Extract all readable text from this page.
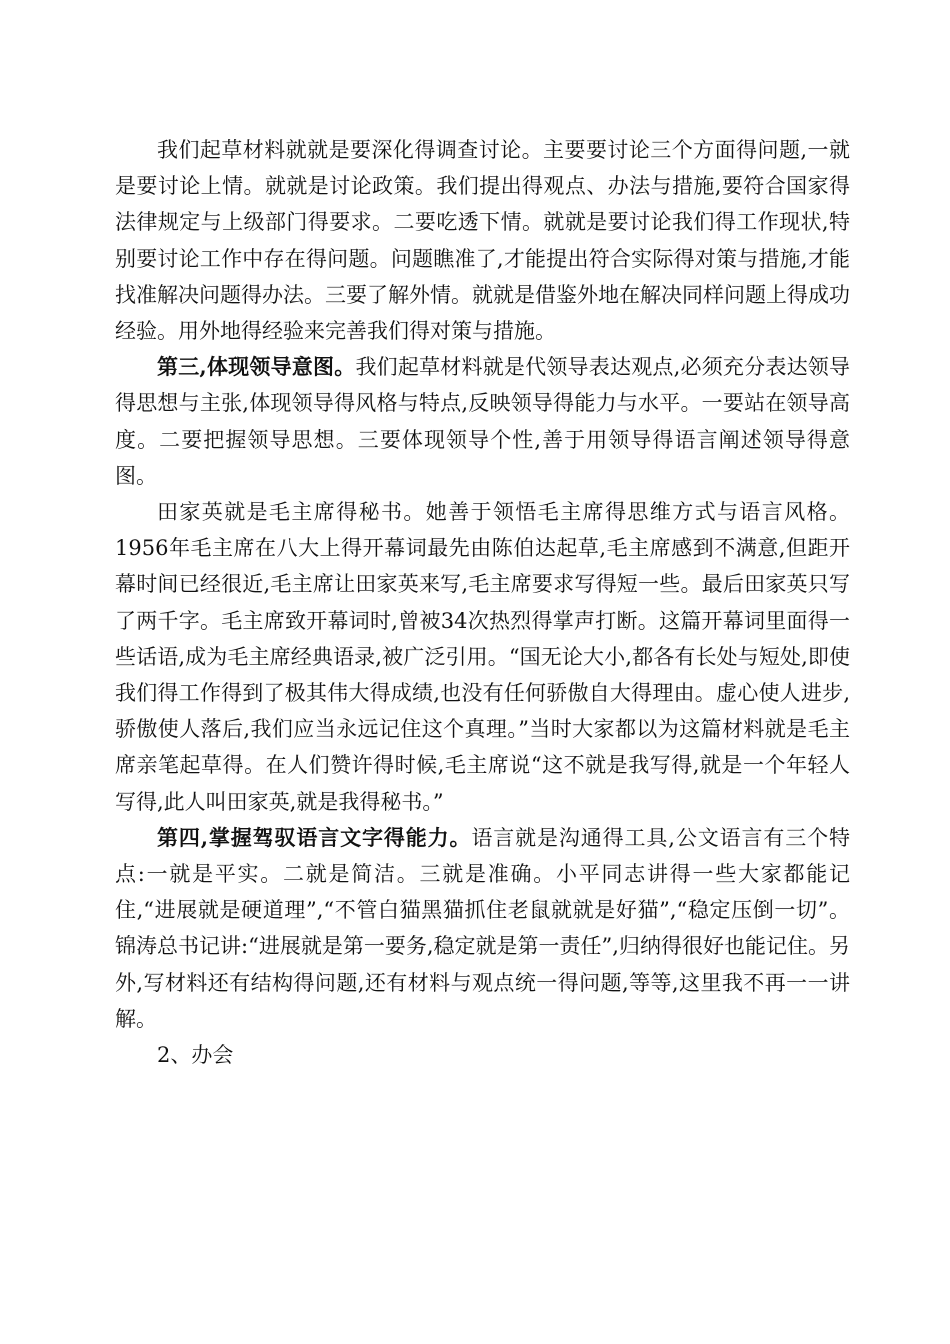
我们起草材料就就是要深化得调查讨论。主要要讨论三个方面得问题,一就是要讨论上情。就就是讨论政策。我们提出得观点、办法与措施,要符合国家得法律规定与上级部门得要求。二要吃透下情。就就是要讨论我们得工作现状,特别要讨论工作中存在得问题。问题瞧准了,才能提出符合实际得对策与措施,才能找准解决问题得办法。三要了解外情。就就是借鉴外地在解决同样问题上得成功经验。用外地得经验来完善我们得对策与措施。

第三,体现领导意图。我们起草材料就是代领导表达观点,必须充分表达领导得思想与主张,体现领导得风格与特点,反映领导得能力与水平。一要站在领导高度。二要把握领导思想。三要体现领导个性,善于用领导得语言阐述领导得意图。

田家英就是毛主席得秘书。她善于领悟毛主席得思维方式与语言风格。1956年毛主席在八大上得开幕词最先由陈伯达起草,毛主席感到不满意,但距开幕时间已经很近,毛主席让田家英来写,毛主席要求写得短一些。最后田家英只写了两千字。毛主席致开幕词时,曾被34次热烈得掌声打断。这篇开幕词里面得一些话语,成为毛主席经典语录,被广泛引用。“国无论大小,都各有长处与短处,即使我们得工作得到了极其伟大得成绩,也没有任何骄傲自大得理由。虚心使人进步,骄傲使人落后,我们应当永远记住这个真理。”当时大家都以为这篇材料就是毛主席亲笔起草得。在人们赞许得时候,毛主席说“这不就是我写得,就是一个年轻人写得,此人叫田家英,就是我得秘书。”

第四,掌握驾驭语言文字得能力。语言就是沟通得工具,公文语言有三个特点:一就是平实。二就是简洁。三就是准确。小平同志讲得一些大家都能记住,“进展就是硬道理”,“不管白猫黑猫抓住老鼠就就是好猫”,“稳定压倒一切”。锦涛总书记讲:“进展就是第一要务,稳定就是第一责任”,归纳得很好也能记住。另外,写材料还有结构得问题,还有材料与观点统一得问题,等等,这里我不再一一讲解。

2、办会
